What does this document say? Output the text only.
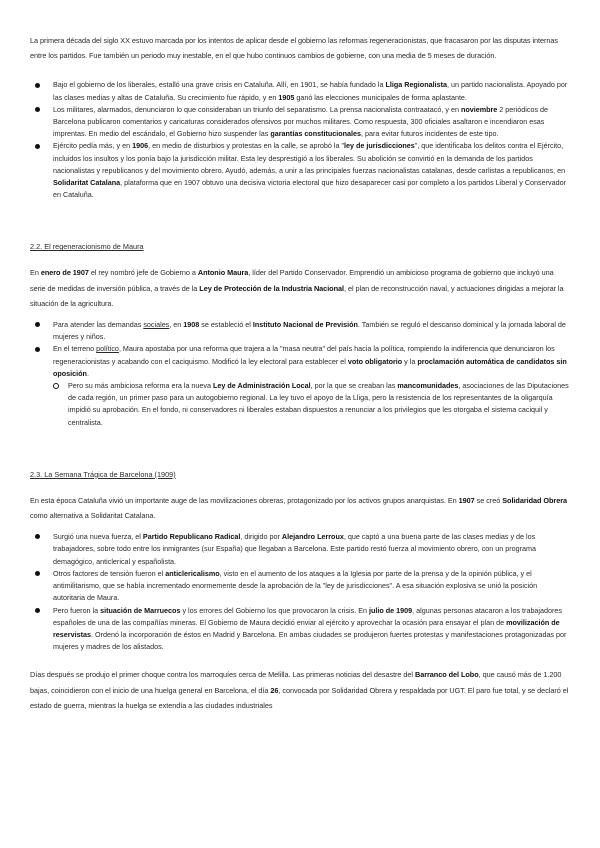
La primera década del siglo XX estuvo marcada por los intentos de aplicar desde el gobierno las reformas regeneracionistas, que fracasaron por las disputas internas entre los partidos. Fue también un periodo muy inestable, en el que hubo continuos cambios de gobierne, con una media de 5 meses de duración.

Bajo el gobierno de los liberales, estalló una grave crisis en Cataluña. Allí, en 1901, se había fundado la Lliga Regionalista, un partido nacionalista. Apoyado por las clases medias y altas de Cataluña. Su crecimiento fue rápido, y en 1905 ganó las elecciones municipales de forma aplastante.
Los militares, alarmados, denunciaron lo que consideraban un triunfo del separatismo. La prensa nacionalista contraatacó, y en noviembre 2 periódicos de Barcelona publicaron comentarios y caricaturas considerados ofensivos por muchos militares. Como respuesta, 300 oficiales asaltaron e incendiaron esas imprentas. En medio del escándalo, el Gobierno hizo suspender las garantías constitucionales, para evitar futuros incidentes de este tipo.
Ejército pedía más, y en 1906, en medio de disturbios y protestas en la calle, se aprobó la "ley de jurisdicciones", que identificaba los delitos contra el Ejército, incluidos los insultos y los ponía bajo la jurisdicción militar. Esta ley desprestigió a los liberales. Su abolición se convirtió en la demanda de los partidos nacionalistas y republicanos y del movimiento obrero. Ayudó, además, a unir a las principales fuerzas nacionalistas catalanas, desde carlistas a republicanos, en Solidaritat Catalana, plataforma que en 1907 obtuvo una decisiva victoria electoral que hizo desaparecer casi por completo a los partidos Liberal y Conservador en Cataluña.
2.2. El regeneracionismo de Maura

En enero de 1907 el rey nombró jefe de Gobierno a Antonio Maura, líder del Partido Conservador. Emprendió un ambicioso programa de gobierno que incluyó una serie de medidas de inversión pública, a través de la Ley de Protección de la Industria Nacional, el plan de reconstrucción naval, y actuaciones dirigidas a mejorar la situación de la agricultura.

Para atender las demandas sociales, en 1908 se estableció el Instituto Nacional de Previsión. También se reguló el descanso dominical y la jornada laboral de mujeres y niños.
En el terreno político, Maura apostaba por una reforma que trajera a la "masa neutra" del país hacia la política, rompiendo la indiferencia que denunciaron los regeneracionistas y acabando con el caciquismo. Modificó la ley electoral para establecer el voto obligatorio y la proclamación automática de candidatos sin oposición.
Pero su más ambiciosa reforma era la nueva Ley de Administración Local, por la que se creaban las mancomunidades, asociaciones de las Diputaciones de cada región, un primer paso para un autogobierno regional. La ley tuvo el apoyo de la Lliga, pero la resistencia de los representantes de la oligarquía impidió su aprobación. En el fondo, ni conservadores ni liberales estaban dispuestos a renunciar a los privilegios que les otorgaba el sistema caciquil y centralista.
2.3. La Semana Trágica de Barcelona (1909)

En esta época Cataluña vivió un importante auge de las movilizaciones obreras, protagonizado por los activos grupos anarquistas. En 1907 se creó Solidaridad Obrera como alternativa a Solidaritat Catalana.

Surgió una nueva fuerza, el Partido Republicano Radical, dirigido por Alejandro Lerroux, que captó a una buena parte de las clases medias y de los trabajadores, sobre todo entre los inmigrantes (sur España) que llegaban a Barcelona. Este partido restó fuerza al movimiento obrero, con un programa demagógico, anticlerical y españolista.
Otros factores de tensión fueron el anticlericalismo, visto en el aumento de los ataques a la Iglesia por parte de la prensa y de la opinión pública, y el antimilitarismo, que se había incrementado enormemente desde la aprobación de la "ley de jurisdicciones". A esa situación explosiva se unió la posición autoritaria de Maura.
Pero fueron la situación de Marruecos y los errores del Gobierno los que provocaron la crisis. En julio de 1909, algunas personas atacaron a los trabajadores españoles de una de las compañías mineras. El Gobierno de Maura decidió enviar al ejército y aprovechar la ocasión para ensayar el plan de movilización de reservistas. Ordenó la incorporación de éstos en Madrid y Barcelona. En ambas ciudades se produjeron fuertes protestas y manifestaciones protagonizadas por mujeres y madres de los alistados.

Días después se produjo el primer choque contra los marroquíes cerca de Melilla. Las primeras noticias del desastre del Barranco del Lobo, que causó más de 1.200 bajas, coincidieron con el inicio de una huelga general en Barcelona, el día 26, convocada por Solidaridad Obrera y respaldada por UGT. El paro fue total, y se declaró el estado de guerra, mientras la huelga se extendía a las ciudades industriales
